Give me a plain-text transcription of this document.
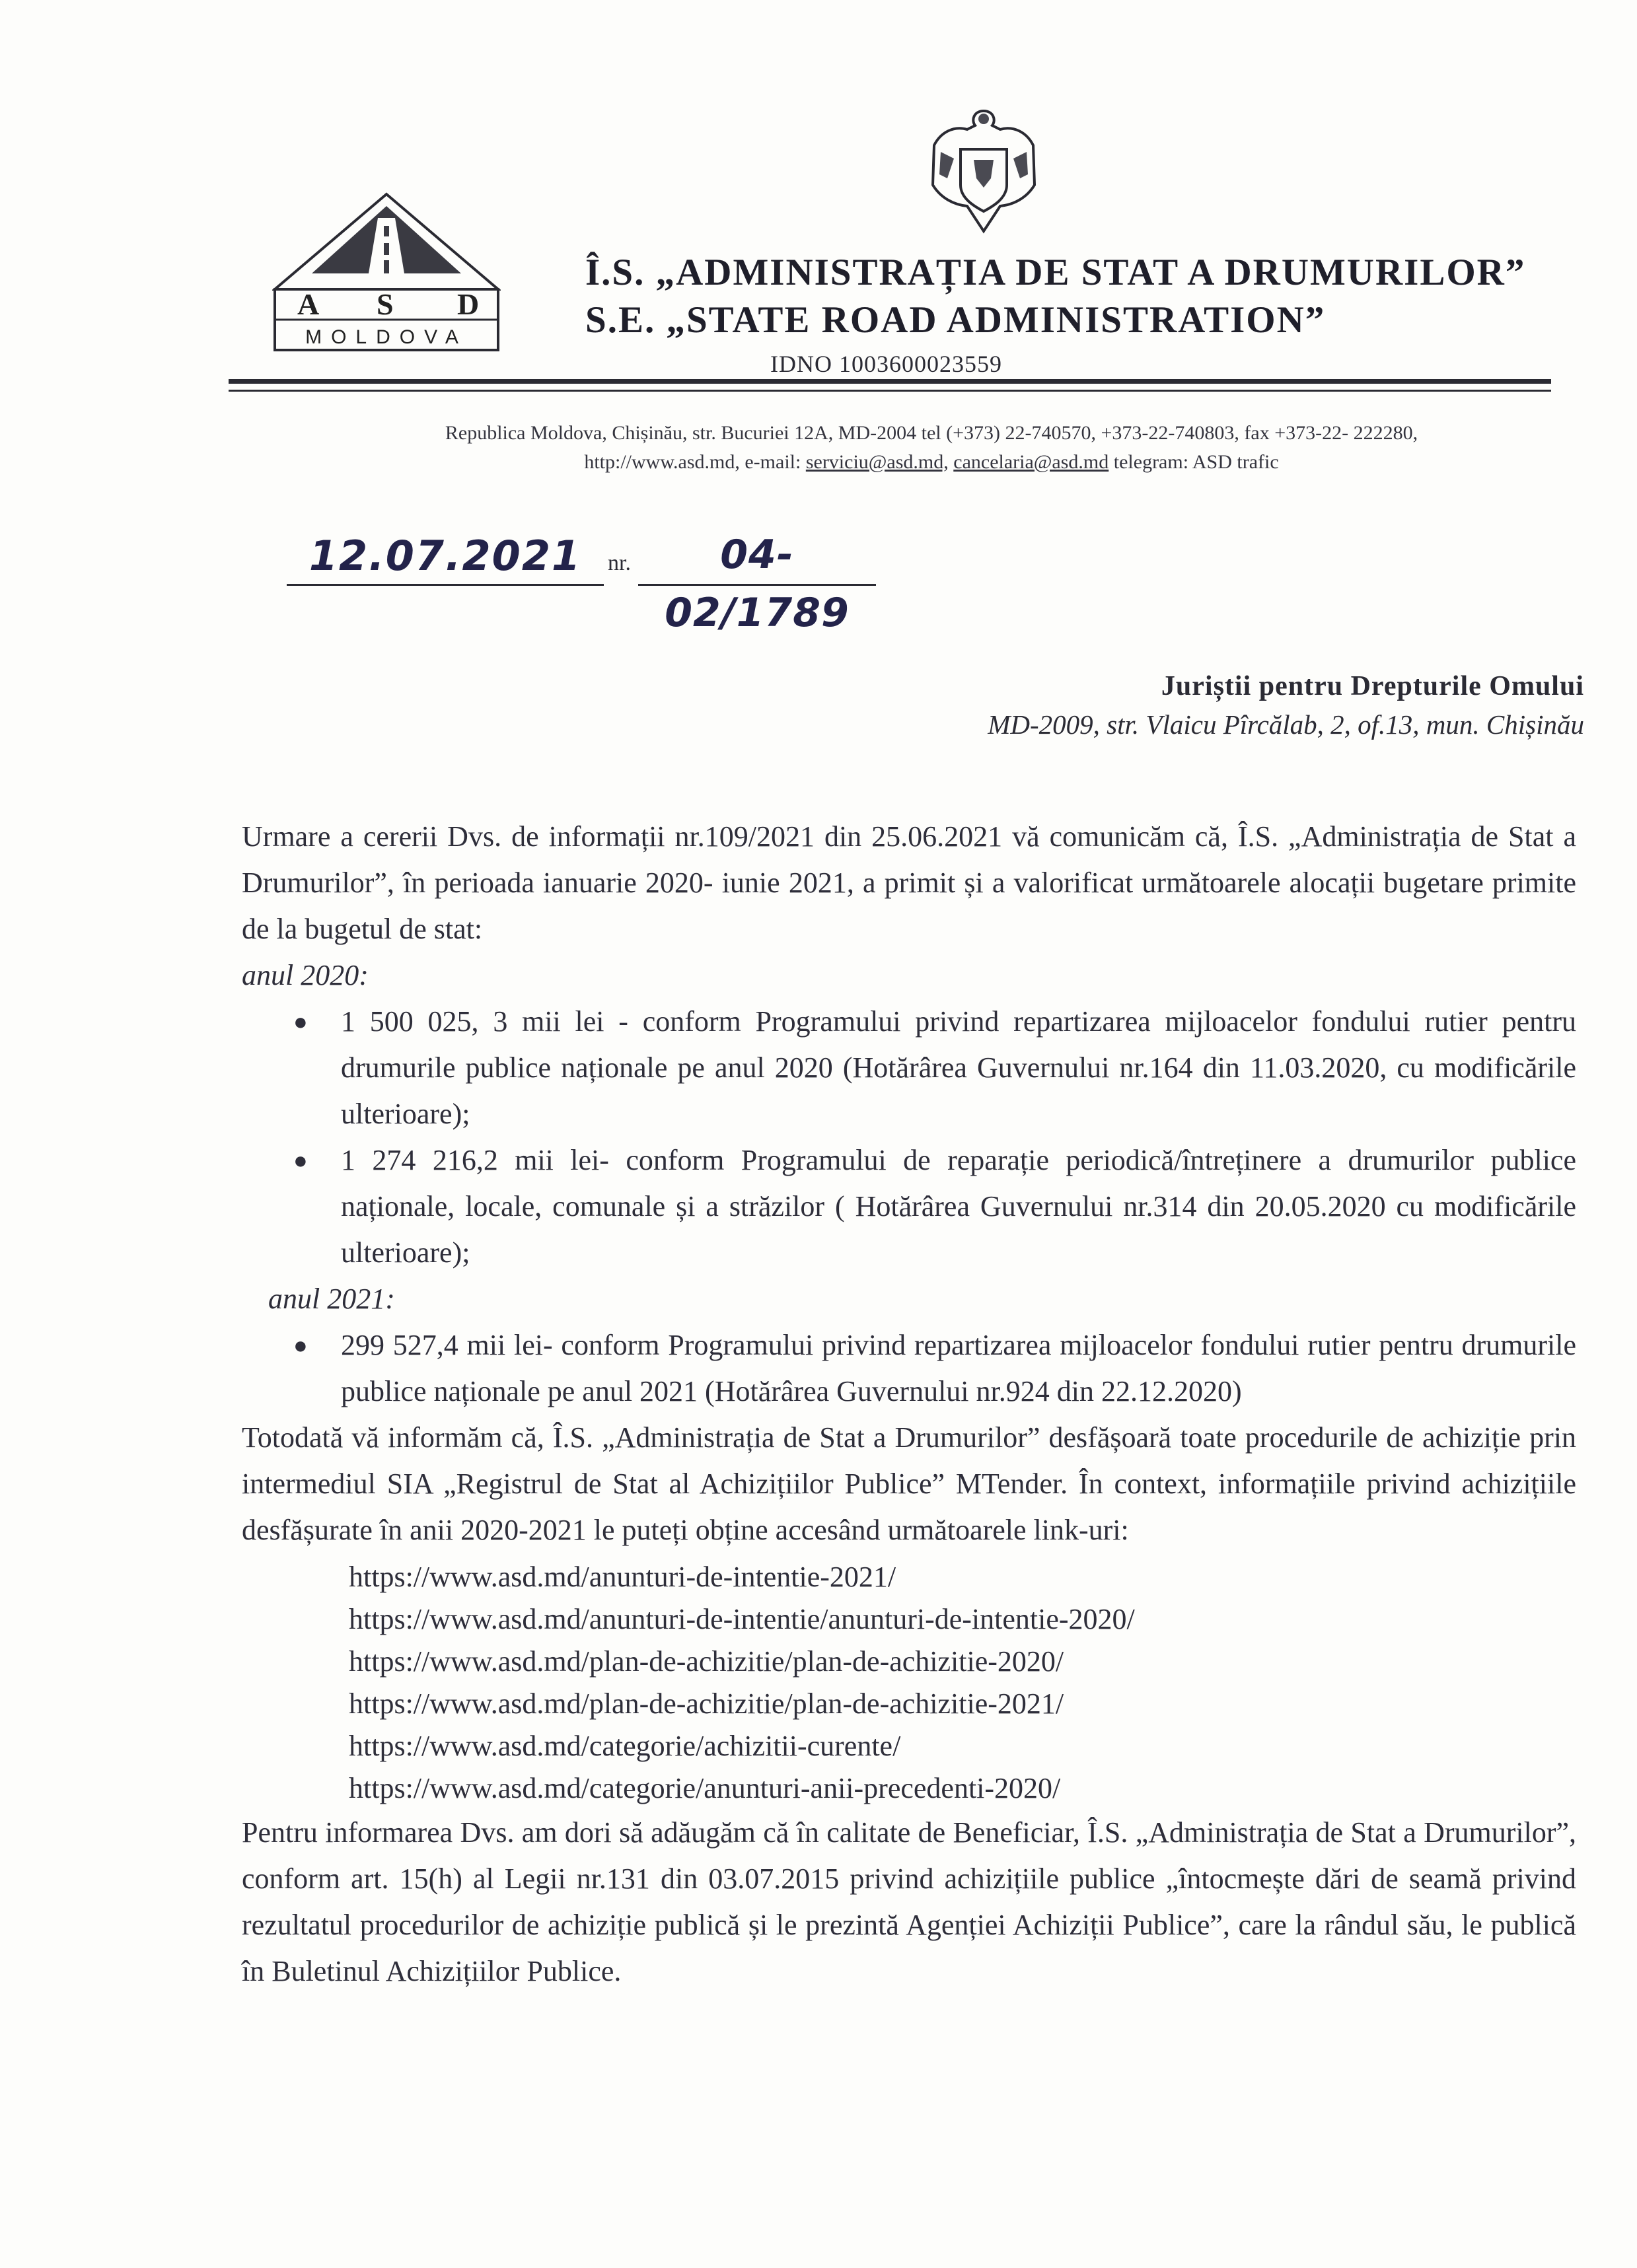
A S D
MOLDOVA
Î.S. „ADMINISTRAȚIA DE STAT A DRUMURILOR”
S.E. „STATE ROAD ADMINISTRATION”
IDNO 1003600023559
Republica Moldova, Chișinău, str. Bucuriei 12A, MD-2004 tel (+373) 22-740570, +373-22-740803, fax +373-22- 222280,
http://www.asd.md, e-mail: serviciu@asd.md, cancelaria@asd.md telegram: ASD trafic
12.07.2021	nr.	04-02/1789
Juriștii pentru Drepturile Omului
MD-2009, str. Vlaicu Pîrcălab, 2, of.13, mun. Chișinău

Urmare a cererii Dvs. de informații nr.109/2021 din 25.06.2021 vă comunicăm că, Î.S. „Administrația de Stat a Drumurilor”, în perioada ianuarie 2020- iunie 2021, a primit și a valorificat următoarele alocații bugetare primite de la bugetul de stat:

anul 2020:
● 1 500 025, 3 mii lei - conform Programului privind repartizarea mijloacelor fondului rutier pentru drumurile publice naționale pe anul 2020 (Hotărârea Guvernului nr.164 din 11.03.2020, cu modificările ulterioare);
● 1 274 216,2 mii lei- conform Programului de reparație periodică/întreținere a drumurilor publice naționale, locale, comunale și a străzilor ( Hotărârea Guvernului nr.314 din 20.05.2020 cu modificările ulterioare);
anul 2021:
● 299 527,4 mii lei- conform Programului privind repartizarea mijloacelor fondului rutier pentru drumurile publice naționale pe anul 2021 (Hotărârea Guvernului nr.924 din 22.12.2020)

Totodată vă informăm că, Î.S. „Administrația de Stat a Drumurilor” desfășoară toate procedurile de achiziție prin intermediul SIA „Registrul de Stat al Achizițiilor Publice” MTender. În context, informațiile privind achizițiile desfășurate în anii 2020-2021 le puteți obține accesând următoarele link-uri:

https://www.asd.md/anunturi-de-intentie-2021/
https://www.asd.md/anunturi-de-intentie/anunturi-de-intentie-2020/
https://www.asd.md/plan-de-achizitie/plan-de-achizitie-2020/
https://www.asd.md/plan-de-achizitie/plan-de-achizitie-2021/
https://www.asd.md/categorie/achizitii-curente/
https://www.asd.md/categorie/anunturi-anii-precedenti-2020/

Pentru informarea Dvs. am dori să adăugăm că în calitate de Beneficiar, Î.S. „Administrația de Stat a Drumurilor”, conform art. 15(h) al Legii nr.131 din 03.07.2015 privind achizițiile publice „întocmește dări de seamă privind rezultatul procedurilor de achiziție publică și le prezintă Agenției Achiziții Publice”, care la rândul său, le publică în Buletinul Achizițiilor Publice.
